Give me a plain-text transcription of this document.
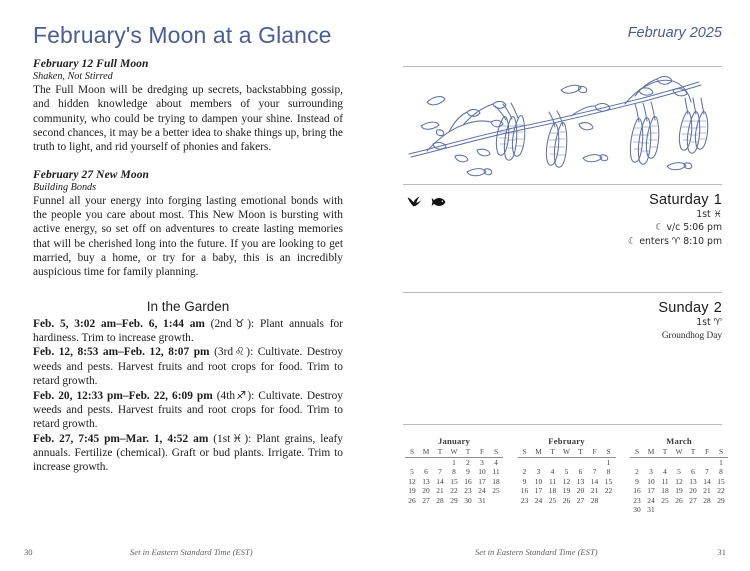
February's Moon at a Glance
February 12 Full Moon
Shaken, Not Stirred

The Full Moon will be dredging up secrets, backstabbing gossip, and hidden knowledge about members of your surrounding community, who could be trying to dampen your shine. Instead of second chances, it may be a better idea to shake things up, bring the truth to light, and rid yourself of phonies and fakers.

February 27 New Moon
Building Bonds

Funnel all your energy into forging lasting emotional bonds with the people you care about most. This New Moon is bursting with active energy, so set off on adventures to create lasting memories that will be cherished long into the future. If you are looking to get married, buy a home, or try for a baby, this is an incredibly auspicious time for family planning.

In the Garden

Feb. 5, 3:02 am–Feb. 6, 1:44 am (2nd♉): Plant annuals for hardiness. Trim to increase growth.

Feb. 12, 8:53 am–Feb. 12, 8:07 pm (3rd♌): Cultivate. Destroy weeds and pests. Harvest fruits and root crops for food. Trim to retard growth.

Feb. 20, 12:33 pm–Feb. 22, 6:09 pm (4th♐): Cultivate. Destroy weeds and pests. Harvest fruits and root crops for food. Trim to retard growth.

Feb. 27, 7:45 pm–Mar. 1, 4:52 am (1st♓): Plant grains, leafy annuals. Fertilize (chemical). Graft or bud plants. Irrigate. Trim to increase growth.

30	Set in Eastern Standard Time (EST)
February 2025
Saturday 1
1st ♓
☾ v/c 5:06 pm
☾ enters ♈ 8:10 pm
Sunday 2
1st ♈
Groundhog Day
January
S	M	T	W	T	F	S
			1	2	3	4
5	6	7	8	9	10	11
12	13	14	15	16	17	18
19	20	21	22	23	24	25
26	27	28	29	30	31	
February
S	M	T	W	T	F	S
						1
2	3	4	5	6	7	8
9	10	11	12	13	14	15
16	17	18	19	20	21	22
23	24	25	26	27	28	
March
S	M	T	W	T	F	S
						1
2	3	4	5	6	7	8
9	10	11	12	13	14	15
16	17	18	19	20	21	22
23	24	25	26	27	28	29
30	31					
Set in Eastern Standard Time (EST)	31
